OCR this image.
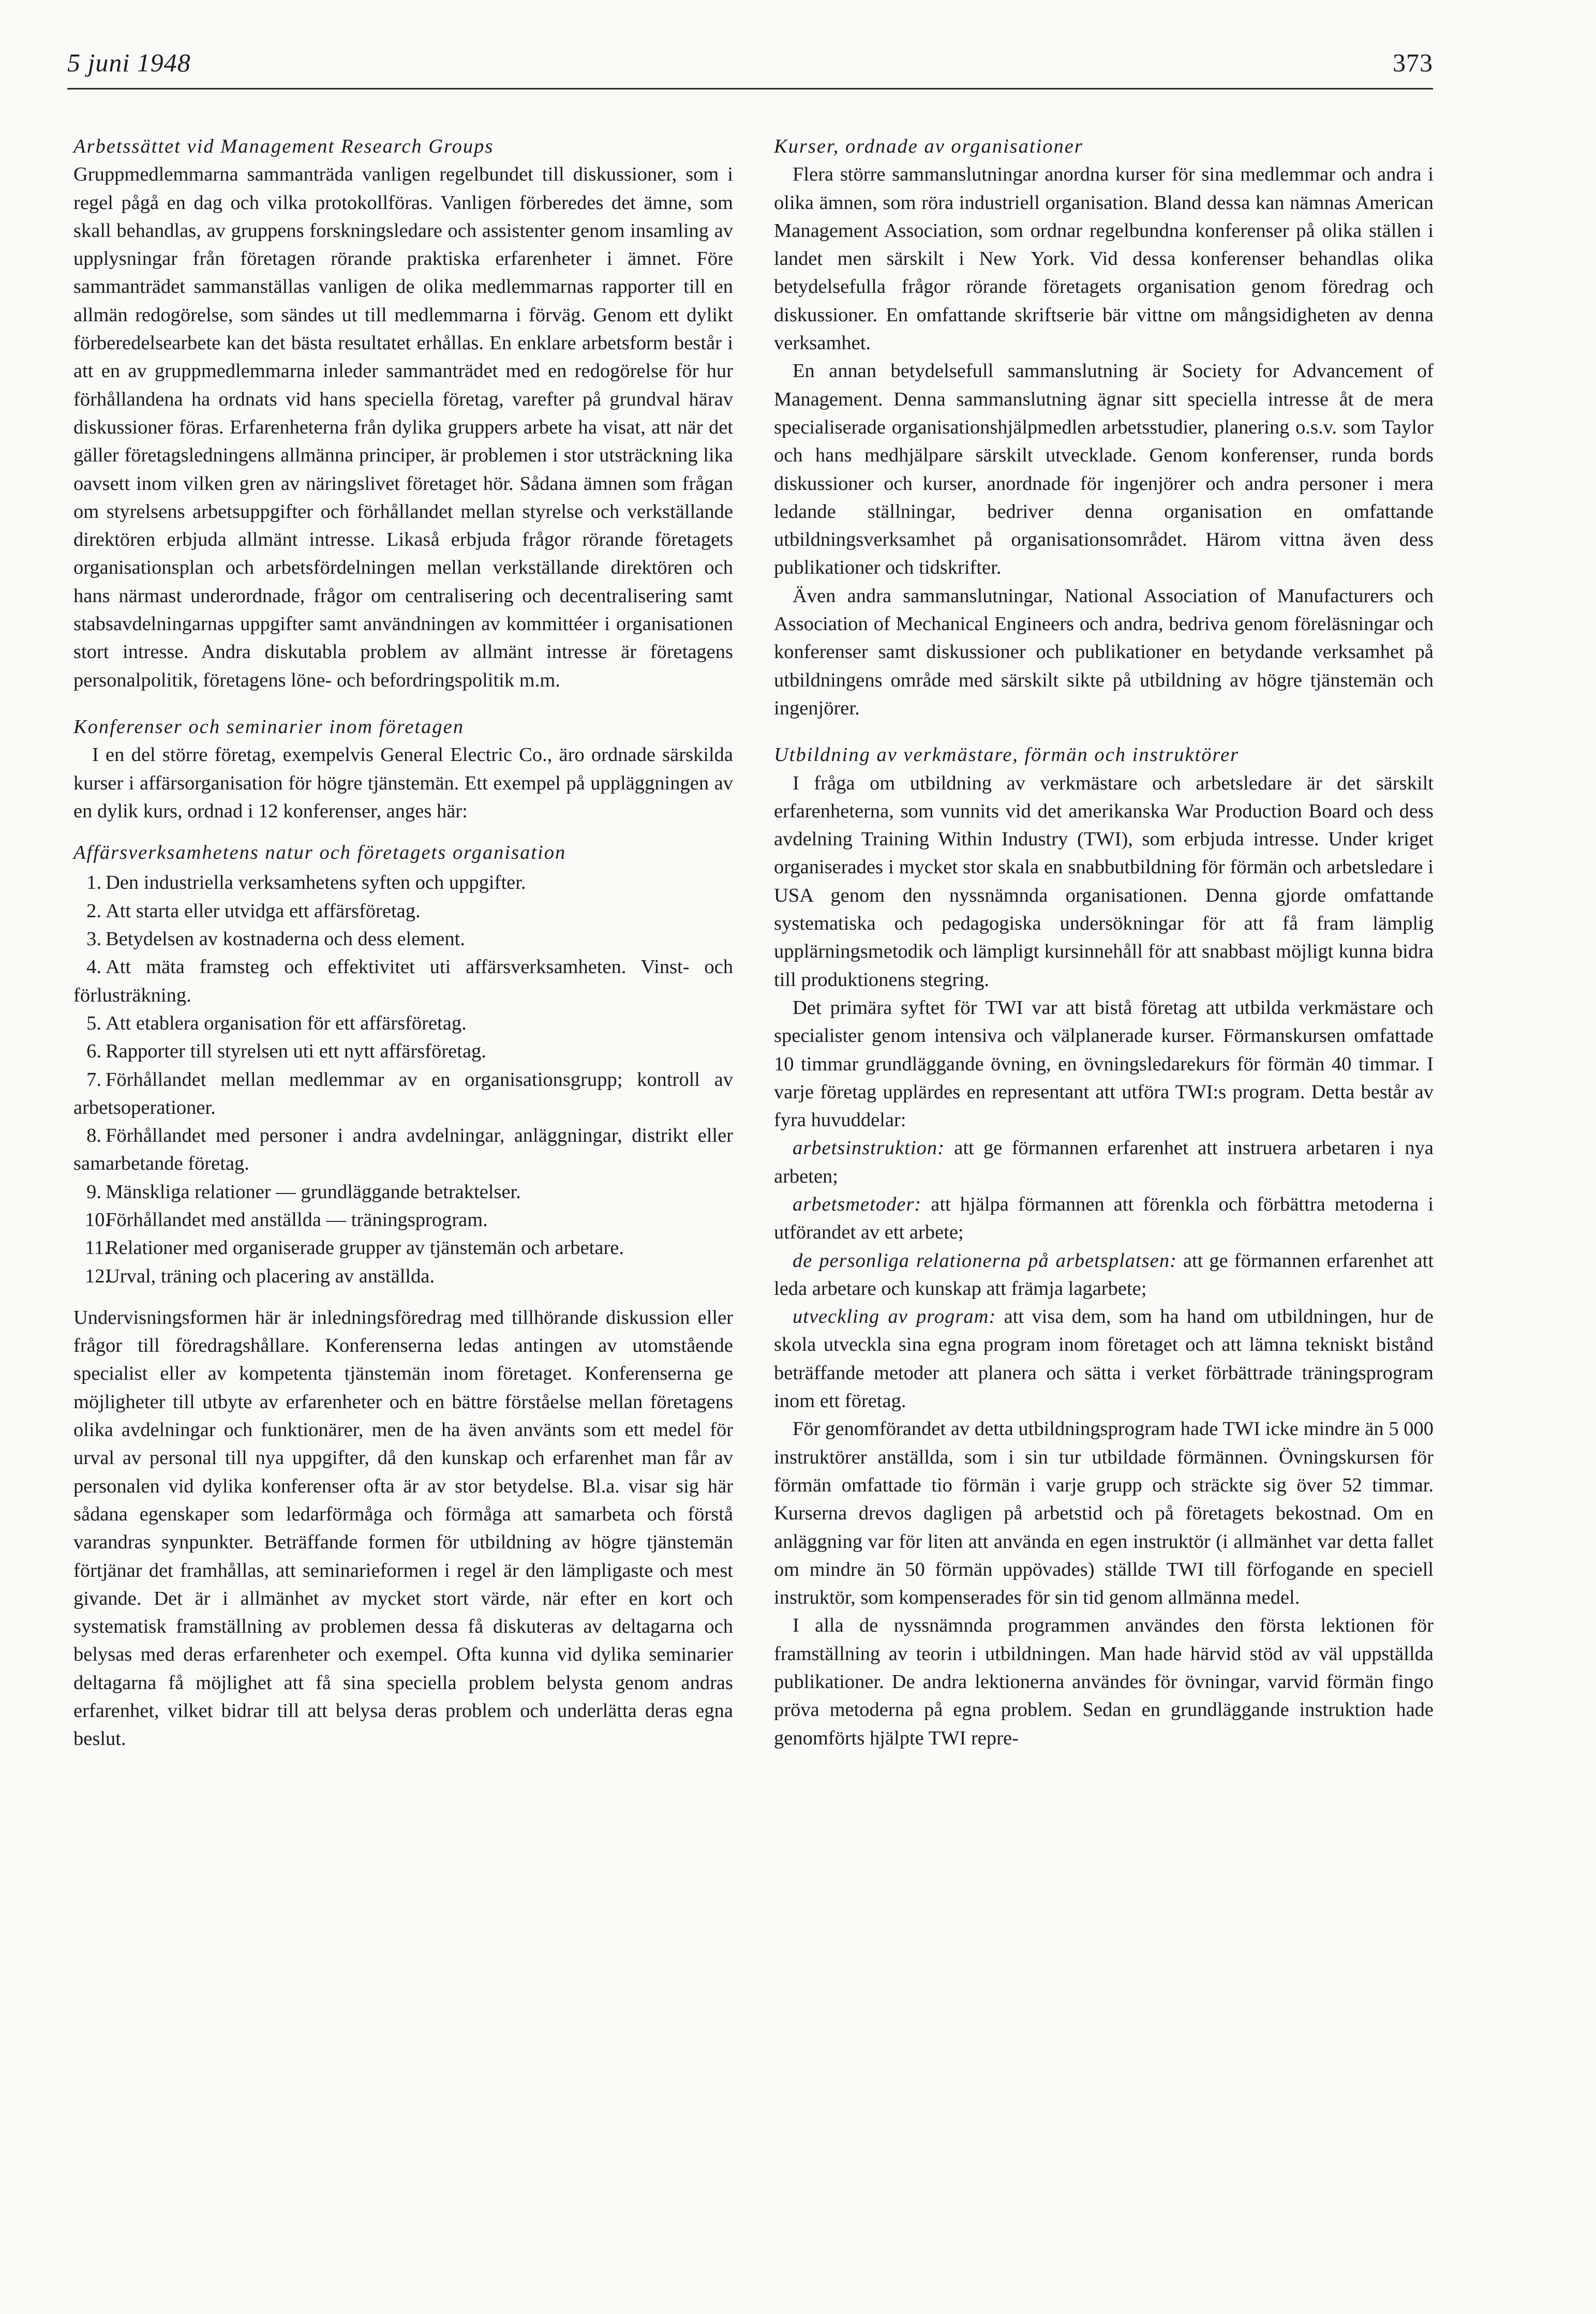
5 juni 1948	373
Arbetssättet vid Management Research Groups

Gruppmedlemmarna sammanträda vanligen regelbundet till diskussioner, som i regel pågå en dag och vilka protokollföras. Vanligen förberedes det ämne, som skall behandlas, av gruppens forskningsledare och assistenter genom insamling av upplysningar från företagen rörande praktiska erfarenheter i ämnet. Före sammanträdet sammanställas vanligen de olika medlemmarnas rapporter till en allmän redogörelse, som sändes ut till medlemmarna i förväg. Genom ett dylikt förberedelsearbete kan det bästa resultatet erhållas. En enklare arbetsform består i att en av gruppmedlemmarna inleder sammanträdet med en redogörelse för hur förhållandena ha ordnats vid hans speciella företag, varefter på grundval härav diskussioner föras. Erfarenheterna från dylika gruppers arbete ha visat, att när det gäller företagsledningens allmänna principer, är problemen i stor utsträckning lika oavsett inom vilken gren av näringslivet företaget hör. Sådana ämnen som frågan om styrelsens arbetsuppgifter och förhållandet mellan styrelse och verkställande direktören erbjuda allmänt intresse. Likaså erbjuda frågor rörande företagets organisationsplan och arbetsfördelningen mellan verkställande direktören och hans närmast underordnade, frågor om centralisering och decentralisering samt stabsavdelningarnas uppgifter samt användningen av kommittéer i organisationen stort intresse. Andra diskutabla problem av allmänt intresse är företagens personalpolitik, företagens löne- och befordringspolitik m.m.

Konferenser och seminarier inom företagen

I en del större företag, exempelvis General Electric Co., äro ordnade särskilda kurser i affärsorganisation för högre tjänstemän. Ett exempel på uppläggningen av en dylik kurs, ordnad i 12 konferenser, anges här:

Affärsverksamhetens natur och företagets organisation
1. Den industriella verksamhetens syften och uppgifter.
2. Att starta eller utvidga ett affärsföretag.
3. Betydelsen av kostnaderna och dess element.
4. Att mäta framsteg och effektivitet uti affärsverksamheten. Vinst- och förlusträkning.
5. Att etablera organisation för ett affärsföretag.
6. Rapporter till styrelsen uti ett nytt affärsföretag.
7. Förhållandet mellan medlemmar av en organisationsgrupp; kontroll av arbetsoperationer.
8. Förhållandet med personer i andra avdelningar, anläggningar, distrikt eller samarbetande företag.
9. Mänskliga relationer — grundläggande betraktelser.
10.Förhållandet med anställda — träningsprogram.
11.Relationer med organiserade grupper av tjänstemän och arbetare.
12.Urval, träning och placering av anställda.

Undervisningsformen här är inledningsföredrag med tillhörande diskussion eller frågor till föredragshållare. Konferenserna ledas antingen av utomstående specialist eller av kompetenta tjänstemän inom företaget. Konferenserna ge möjligheter till utbyte av erfarenheter och en bättre förståelse mellan företagens olika avdelningar och funktionärer, men de ha även använts som ett medel för urval av personal till nya uppgifter, då den kunskap och erfarenhet man får av personalen vid dylika konferenser ofta är av stor betydelse. Bl.a. visar sig här sådana egenskaper som ledarförmåga och förmåga att samarbeta och förstå varandras synpunkter. Beträffande formen för utbildning av högre tjänstemän förtjänar det framhållas, att seminarieformen i regel är den lämpligaste och mest givande. Det är i allmänhet av mycket stort värde, när efter en kort och systematisk framställning av problemen dessa få diskuteras av deltagarna och belysas med deras erfarenheter och exempel. Ofta kunna vid dylika seminarier deltagarna få möjlighet att få sina speciella problem belysta genom andras erfarenhet, vilket bidrar till att belysa deras problem och underlätta deras egna beslut.

Kurser, ordnade av organisationer

Flera större sammanslutningar anordna kurser för sina medlemmar och andra i olika ämnen, som röra industriell organisation. Bland dessa kan nämnas American Management Association, som ordnar regelbundna konferenser på olika ställen i landet men särskilt i New York. Vid dessa konferenser behandlas olika betydelsefulla frågor rörande företagets organisation genom föredrag och diskussioner. En omfattande skriftserie bär vittne om mångsidigheten av denna verksamhet.

En annan betydelsefull sammanslutning är Society for Advancement of Management. Denna sammanslutning ägnar sitt speciella intresse åt de mera specialiserade organisationshjälpmedlen arbetsstudier, planering o.s.v. som Taylor och hans medhjälpare särskilt utvecklade. Genom konferenser, runda bords diskussioner och kurser, anordnade för ingenjörer och andra personer i mera ledande ställningar, bedriver denna organisation en omfattande utbildningsverksamhet på organisationsområdet. Härom vittna även dess publikationer och tidskrifter.

Även andra sammanslutningar, National Association of Manufacturers och Association of Mechanical Engineers och andra, bedriva genom föreläsningar och konferenser samt diskussioner och publikationer en betydande verksamhet på utbildningens område med särskilt sikte på utbildning av högre tjänstemän och ingenjörer.

Utbildning av verkmästare, förmän och instruktörer

I fråga om utbildning av verkmästare och arbetsledare är det särskilt erfarenheterna, som vunnits vid det amerikanska War Production Board och dess avdelning Training Within Industry (TWI), som erbjuda intresse. Under kriget organiserades i mycket stor skala en snabbutbildning för förmän och arbetsledare i USA genom den nyssnämnda organisationen. Denna gjorde omfattande systematiska och pedagogiska undersökningar för att få fram lämplig upplärningsmetodik och lämpligt kursinnehåll för att snabbast möjligt kunna bidra till produktionens stegring.

Det primära syftet för TWI var att bistå företag att utbilda verkmästare och specialister genom intensiva och välplanerade kurser. Förmanskursen omfattade 10 timmar grundläggande övning, en övningsledarekurs för förmän 40 timmar. I varje företag upplärdes en representant att utföra TWI:s program. Detta består av fyra huvuddelar:

arbetsinstruktion: att ge förmannen erfarenhet att instruera arbetaren i nya arbeten;

arbetsmetoder: att hjälpa förmannen att förenkla och förbättra metoderna i utförandet av ett arbete;

de personliga relationerna på arbetsplatsen: att ge förmannen erfarenhet att leda arbetare och kunskap att främja lagarbete;

utveckling av program: att visa dem, som ha hand om utbildningen, hur de skola utveckla sina egna program inom företaget och att lämna tekniskt bistånd beträffande metoder att planera och sätta i verket förbättrade träningsprogram inom ett företag.

För genomförandet av detta utbildningsprogram hade TWI icke mindre än 5 000 instruktörer anställda, som i sin tur utbildade förmännen. Övningskursen för förmän omfattade tio förmän i varje grupp och sträckte sig över 52 timmar. Kurserna drevos dagligen på arbetstid och på företagets bekostnad. Om en anläggning var för liten att använda en egen instruktör (i allmänhet var detta fallet om mindre än 50 förmän uppövades) ställde TWI till förfogande en speciell instruktör, som kompenserades för sin tid genom allmänna medel.

I alla de nyssnämnda programmen användes den första lektionen för framställning av teorin i utbildningen. Man hade härvid stöd av väl uppställda publikationer. De andra lektionerna användes för övningar, varvid förmän fingo pröva metoderna på egna problem. Sedan en grundläggande instruktion hade genomförts hjälpte TWI repre-
